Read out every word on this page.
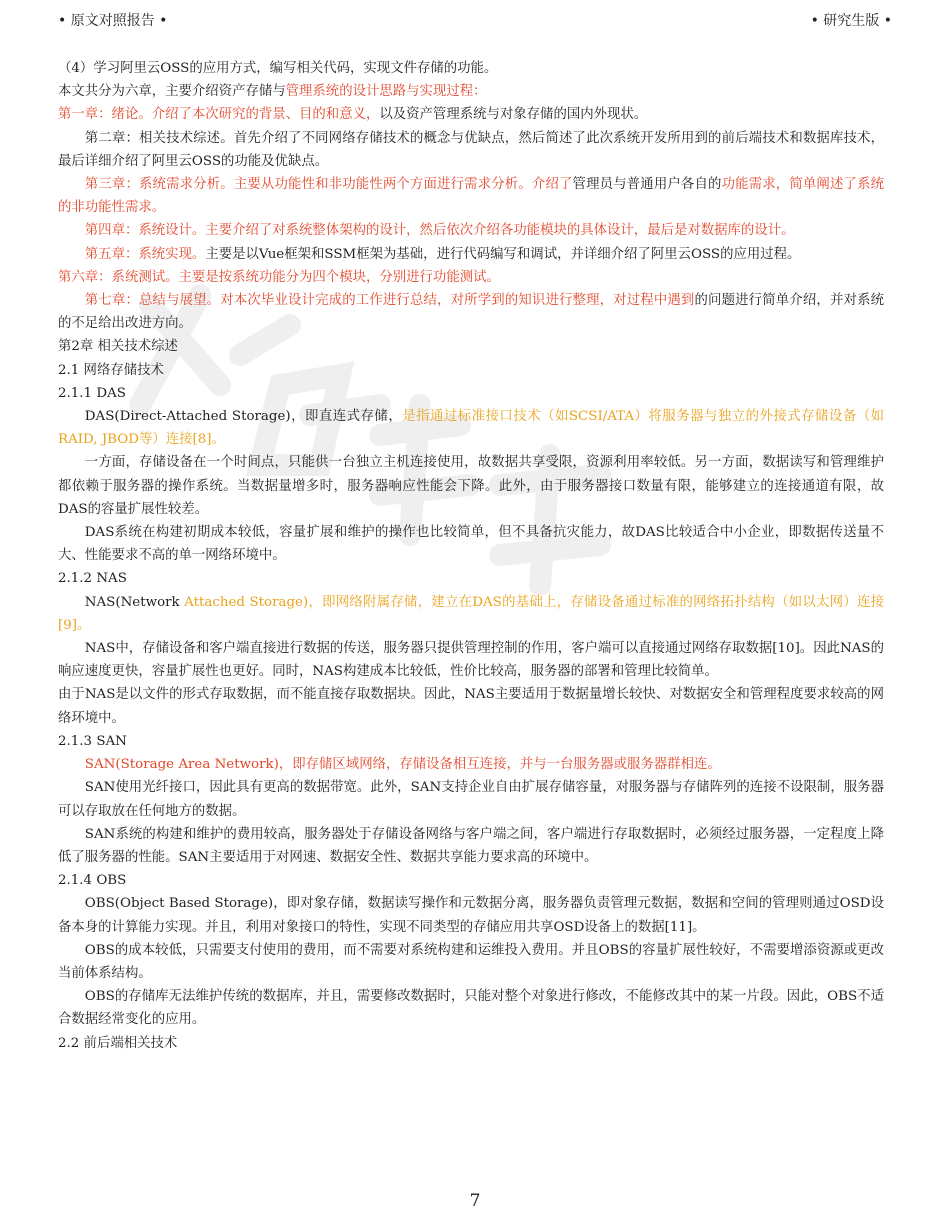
• 原文对照报告 •	• 研究生版 •

（4）学习阿里云OSS的应用方式，编写相关代码，实现文件存储的功能。

本文共分为六章，主要介绍资产存储与管理系统的设计思路与实现过程：

第一章：绪论。介绍了本次研究的背景、目的和意义，以及资产管理系统与对象存储的国内外现状。

第二章：相关技术综述。首先介绍了不同网络存储技术的概念与优缺点，然后简述了此次系统开发所用到的前后端技术和数据库技术，最后详细介绍了阿里云OSS的功能及优缺点。

第三章：系统需求分析。主要从功能性和非功能性两个方面进行需求分析。介绍了管理员与普通用户各自的功能需求，简单阐述了系统的非功能性需求。

第四章：系统设计。主要介绍了对系统整体架构的设计，然后依次介绍各功能模块的具体设计，最后是对数据库的设计。

第五章：系统实现。主要是以Vue框架和SSM框架为基础，进行代码编写和调试，并详细介绍了阿里云OSS的应用过程。

第六章：系统测试。主要是按系统功能分为四个模块，分别进行功能测试。

第七章：总结与展望。对本次毕业设计完成的工作进行总结，对所学到的知识进行整理，对过程中遇到的问题进行简单介绍，并对系统的不足给出改进方向。

第2章 相关技术综述

2.1 网络存储技术

2.1.1 DAS

DAS(Direct-Attached Storage)，即直连式存储，是指通过标准接口技术（如SCSI/ATA）将服务器与独立的外接式存储设备（如RAID, JBOD等）连接[8]。

一方面，存储设备在一个时间点，只能供一台独立主机连接使用，故数据共享受限，资源利用率较低。另一方面，数据读写和管理维护都依赖于服务器的操作系统。当数据量增多时，服务器响应性能会下降。此外，由于服务器接口数量有限，能够建立的连接通道有限，故DAS的容量扩展性较差。

DAS系统在构建初期成本较低，容量扩展和维护的操作也比较简单，但不具备抗灾能力，故DAS比较适合中小企业，即数据传送量不大、性能要求不高的单一网络环境中。

2.1.2 NAS

NAS(Network Attached Storage)，即网络附属存储，建立在DAS的基础上，存储设备通过标准的网络拓扑结构（如以太网）连接[9]。

NAS中，存储设备和客户端直接进行数据的传送，服务器只提供管理控制的作用，客户端可以直接通过网络存取数据[10]。因此NAS的响应速度更快，容量扩展性也更好。同时，NAS构建成本比较低，性价比较高，服务器的部署和管理比较简单。

由于NAS是以文件的形式存取数据，而不能直接存取数据块。因此，NAS主要适用于数据量增长较快、对数据安全和管理程度要求较高的网络环境中。

2.1.3 SAN

SAN(Storage Area Network)，即存储区域网络，存储设备相互连接，并与一台服务器或服务器群相连。

SAN使用光纤接口，因此具有更高的数据带宽。此外，SAN支持企业自由扩展存储容量，对服务器与存储阵列的连接不设限制，服务器可以存取放在任何地方的数据。

SAN系统的构建和维护的费用较高，服务器处于存储设备网络与客户端之间，客户端进行存取数据时，必须经过服务器，一定程度上降低了服务器的性能。SAN主要适用于对网速、数据安全性、数据共享能力要求高的环境中。

2.1.4 OBS

OBS(Object Based Storage)，即对象存储，数据读写操作和元数据分离，服务器负责管理元数据，数据和空间的管理则通过OSD设备本身的计算能力实现。并且，利用对象接口的特性，实现不同类型的存储应用共享OSD设备上的数据[11]。

OBS的成本较低，只需要支付使用的费用，而不需要对系统构建和运维投入费用。并且OBS的容量扩展性较好，不需要增添资源或更改当前体系结构。

OBS的存储库无法维护传统的数据库，并且，需要修改数据时，只能对整个对象进行修改，不能修改其中的某一片段。因此，OBS不适合数据经常变化的应用。

2.2 前后端相关技术

7
